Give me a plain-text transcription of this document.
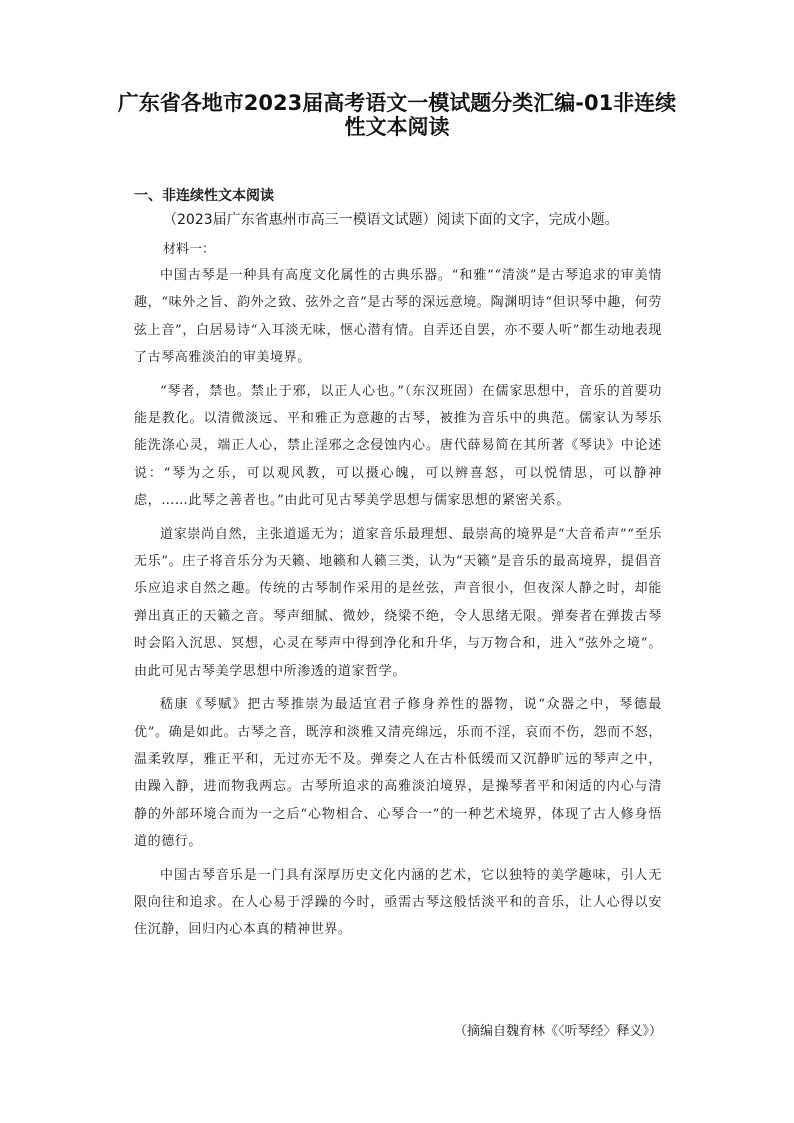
广东省各地市2023届高考语文一模试题分类汇编-01非连续
性文本阅读
一、非连续性文本阅读
（2023届广东省惠州市高三一模语文试题）阅读下面的文字，完成小题。
材料一：

中国古琴是一种具有高度文化属性的古典乐器。“和雅”“清淡”是古琴追求的审美情趣，“味外之旨、韵外之致、弦外之音”是古琴的深远意境。陶渊明诗“但识琴中趣，何劳弦上音”，白居易诗“入耳淡无味，惬心潜有情。自弄还自罢，亦不要人听”都生动地表现了古琴高雅淡泊的审美境界。

“琴者，禁也。禁止于邪，以正人心也。”（东汉班固）在儒家思想中，音乐的首要功能是教化。以清微淡远、平和雅正为意趣的古琴，被推为音乐中的典范。儒家认为琴乐能洗涤心灵，端正人心，禁止淫邪之念侵蚀内心。唐代薛易简在其所著《琴诀》中论述说：“琴为之乐，可以观风教，可以摄心魄，可以辨喜怒，可以悦情思，可以静神虑，……此琴之善者也。”由此可见古琴美学思想与儒家思想的紧密关系。

道家崇尚自然，主张道遥无为；道家音乐最理想、最崇高的境界是“大音希声”“至乐无乐”。庄子将音乐分为天籁、地籁和人籁三类，认为“天籁”是音乐的最高境界，提倡音乐应追求自然之趣。传统的古琴制作采用的是丝弦，声音很小，但夜深人静之时，却能弹出真正的天籁之音。琴声细腻、微妙，绕梁不绝，令人思绪无限。弹奏者在弹拨古琴时会陷入沉思、冥想，心灵在琴声中得到净化和升华，与万物合和，进入“弦外之境”。由此可见古琴美学思想中所渗透的道家哲学。

嵇康《琴赋》把古琴推崇为最适宜君子修身养性的器物，说“众器之中，琴德最优”。确是如此。古琴之音，既淳和淡雅又清亮绵远，乐而不淫，哀而不伤，怨而不怒，温柔敦厚，雅正平和，无过亦无不及。弹奏之人在古朴低缓而又沉静旷远的琴声之中，由躁入静，进而物我两忘。古琴所追求的高雅淡泊境界，是操琴者平和闲适的内心与清静的外部环境合而为一之后“心物相合、心琴合一”的一种艺术境界，体现了古人修身悟道的德行。

中国古琴音乐是一门具有深厚历史文化内涵的艺术，它以独特的美学趣味，引人无限向往和追求。在人心易于浮躁的今时，亟需古琴这般恬淡平和的音乐，让人心得以安住沉静，回归内心本真的精神世界。

（摘编自魏育林《〈听琴经〉释义》）
